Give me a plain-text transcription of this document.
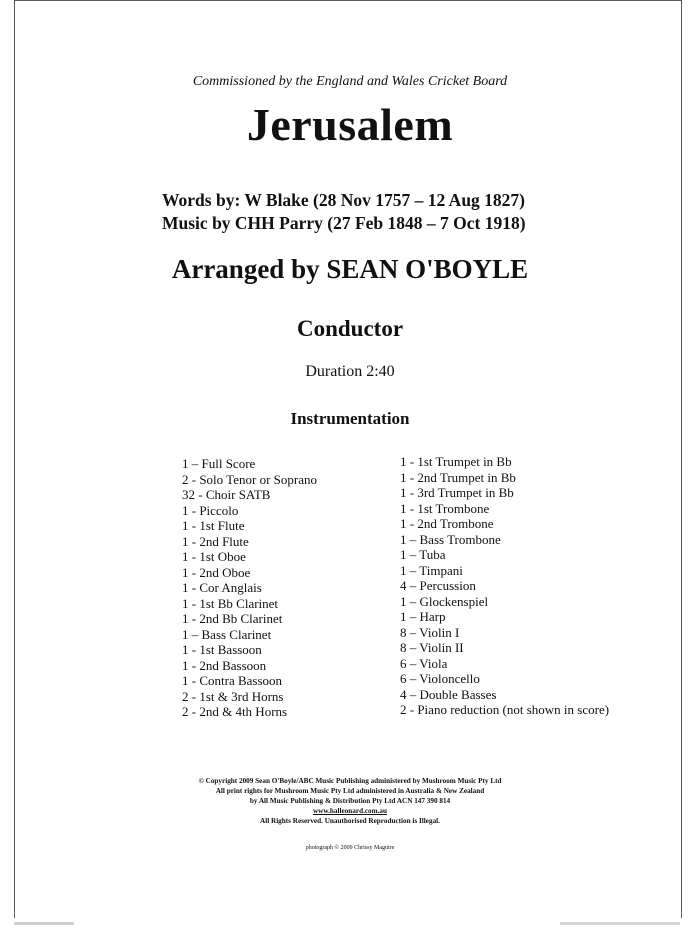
Commissioned by the England and Wales Cricket Board
Jerusalem
Words by: W Blake (28 Nov 1757 – 12 Aug 1827)
Music by CHH Parry (27 Feb 1848 – 7 Oct 1918)
Arranged by SEAN O'BOYLE
Conductor
Duration 2:40
Instrumentation
1 – Full Score
2 - Solo Tenor or Soprano
32 - Choir SATB
1 - Piccolo
1 - 1st Flute
1 - 2nd Flute
1 - 1st Oboe
1 - 2nd Oboe
1 - Cor Anglais
1 - 1st Bb Clarinet
1 - 2nd Bb Clarinet
1 – Bass Clarinet
1 - 1st Bassoon
1 - 2nd Bassoon
1 - Contra Bassoon
2 - 1st & 3rd Horns
2 - 2nd & 4th Horns
1 - 1st Trumpet in Bb
1 - 2nd Trumpet in Bb
1 - 3rd Trumpet in Bb
1 - 1st Trombone
1 - 2nd Trombone
1 – Bass Trombone
1 – Tuba
1 – Timpani
4 – Percussion
1 – Glockenspiel
1 – Harp
8 – Violin I
8 – Violin II
6 – Viola
6 – Violoncello
4 – Double Basses
2 - Piano reduction (not shown in score)
© Copyright 2009 Sean O'Boyle/ABC Music Publishing administered by Mushroom Music Pty Ltd
All print rights for Mushroom Music Pty Ltd administered in Australia & New Zealand
by All Music Publishing & Distribution Pty Ltd ACN 147 390 814
www.halleonard.com.au
All Rights Reserved. Unauthorised Reproduction is Illegal.
photograph © 2009 Chrissy Maguire
